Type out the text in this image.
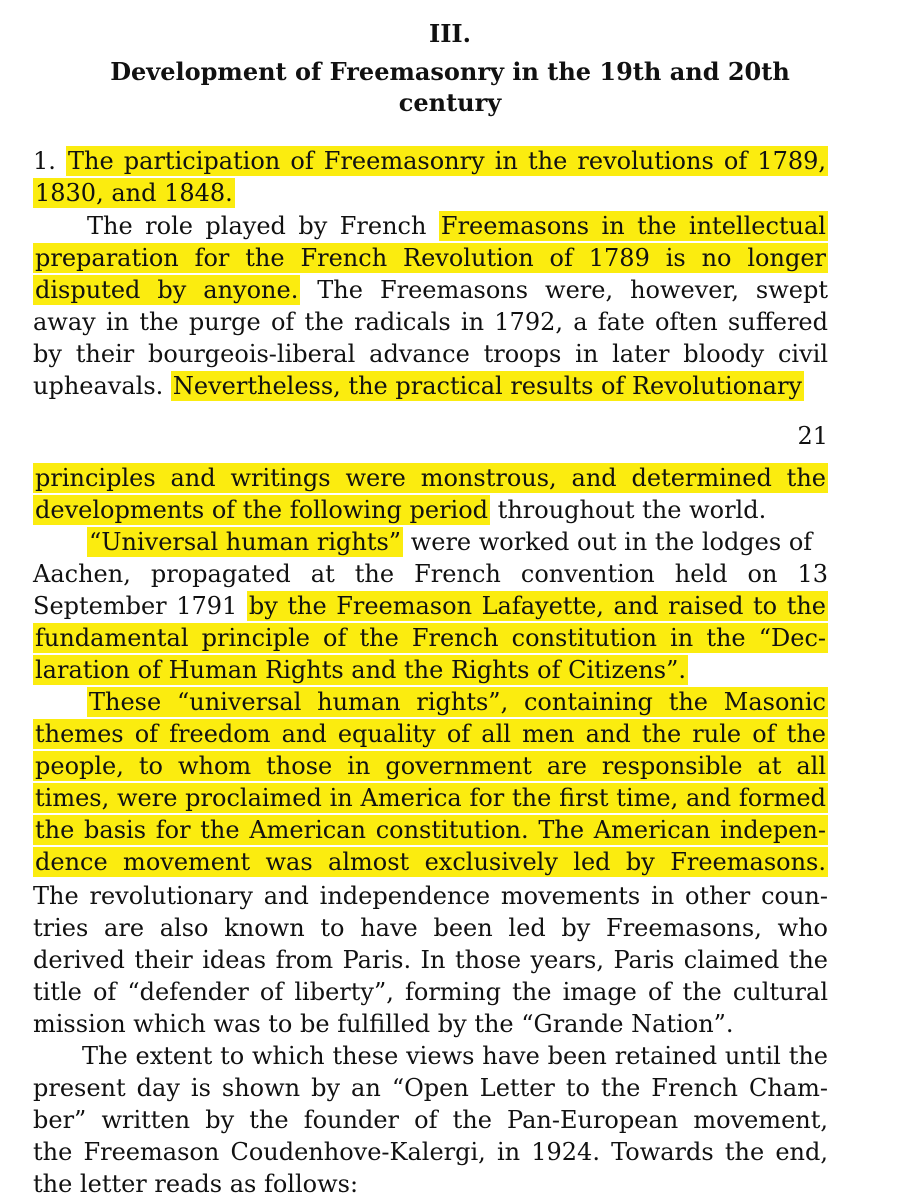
III.
Development of Freemasonry in the 19th and 20th
century
1. The participation of Freemasonry in the revolutions of 1789,
1830, and 1848.
The role played by French Freemasons in the intellectual
preparation for the French Revolution of 1789 is no longer
disputed by anyone. The Freemasons were, however, swept
away in the purge of the radicals in 1792, a fate often suffered
by their bourgeois-liberal advance troops in later bloody civil
upheavals. Nevertheless, the practical results of Revolutionary
principles and writings were monstrous, and determined the
developments of the following period throughout the world.
“Universal human rights” were worked out in the lodges of
Aachen, propagated at the French convention held on 13
September 1791 by the Freemason Lafayette, and raised to the
fundamental principle of the French constitution in the “Dec-
laration of Human Rights and the Rights of Citizens”.
These “universal human rights”, containing the Masonic
themes of freedom and equality of all men and the rule of the
people, to whom those in government are responsible at all
times, were proclaimed in America for the first time, and formed
the basis for the American constitution. The American indepen-
dence movement was almost exclusively led by Freemasons.
The revolutionary and independence movements in other coun-
tries are also known to have been led by Freemasons, who
derived their ideas from Paris. In those years, Paris claimed the
title of “defender of liberty”, forming the image of the cultural
mission which was to be fulfilled by the “Grande Nation”.
The extent to which these views have been retained until the
present day is shown by an “Open Letter to the French Cham-
ber” written by the founder of the Pan-European movement,
the Freemason Coudenhove-Kalergi, in 1924. Towards the end,
the letter reads as follows:
21
